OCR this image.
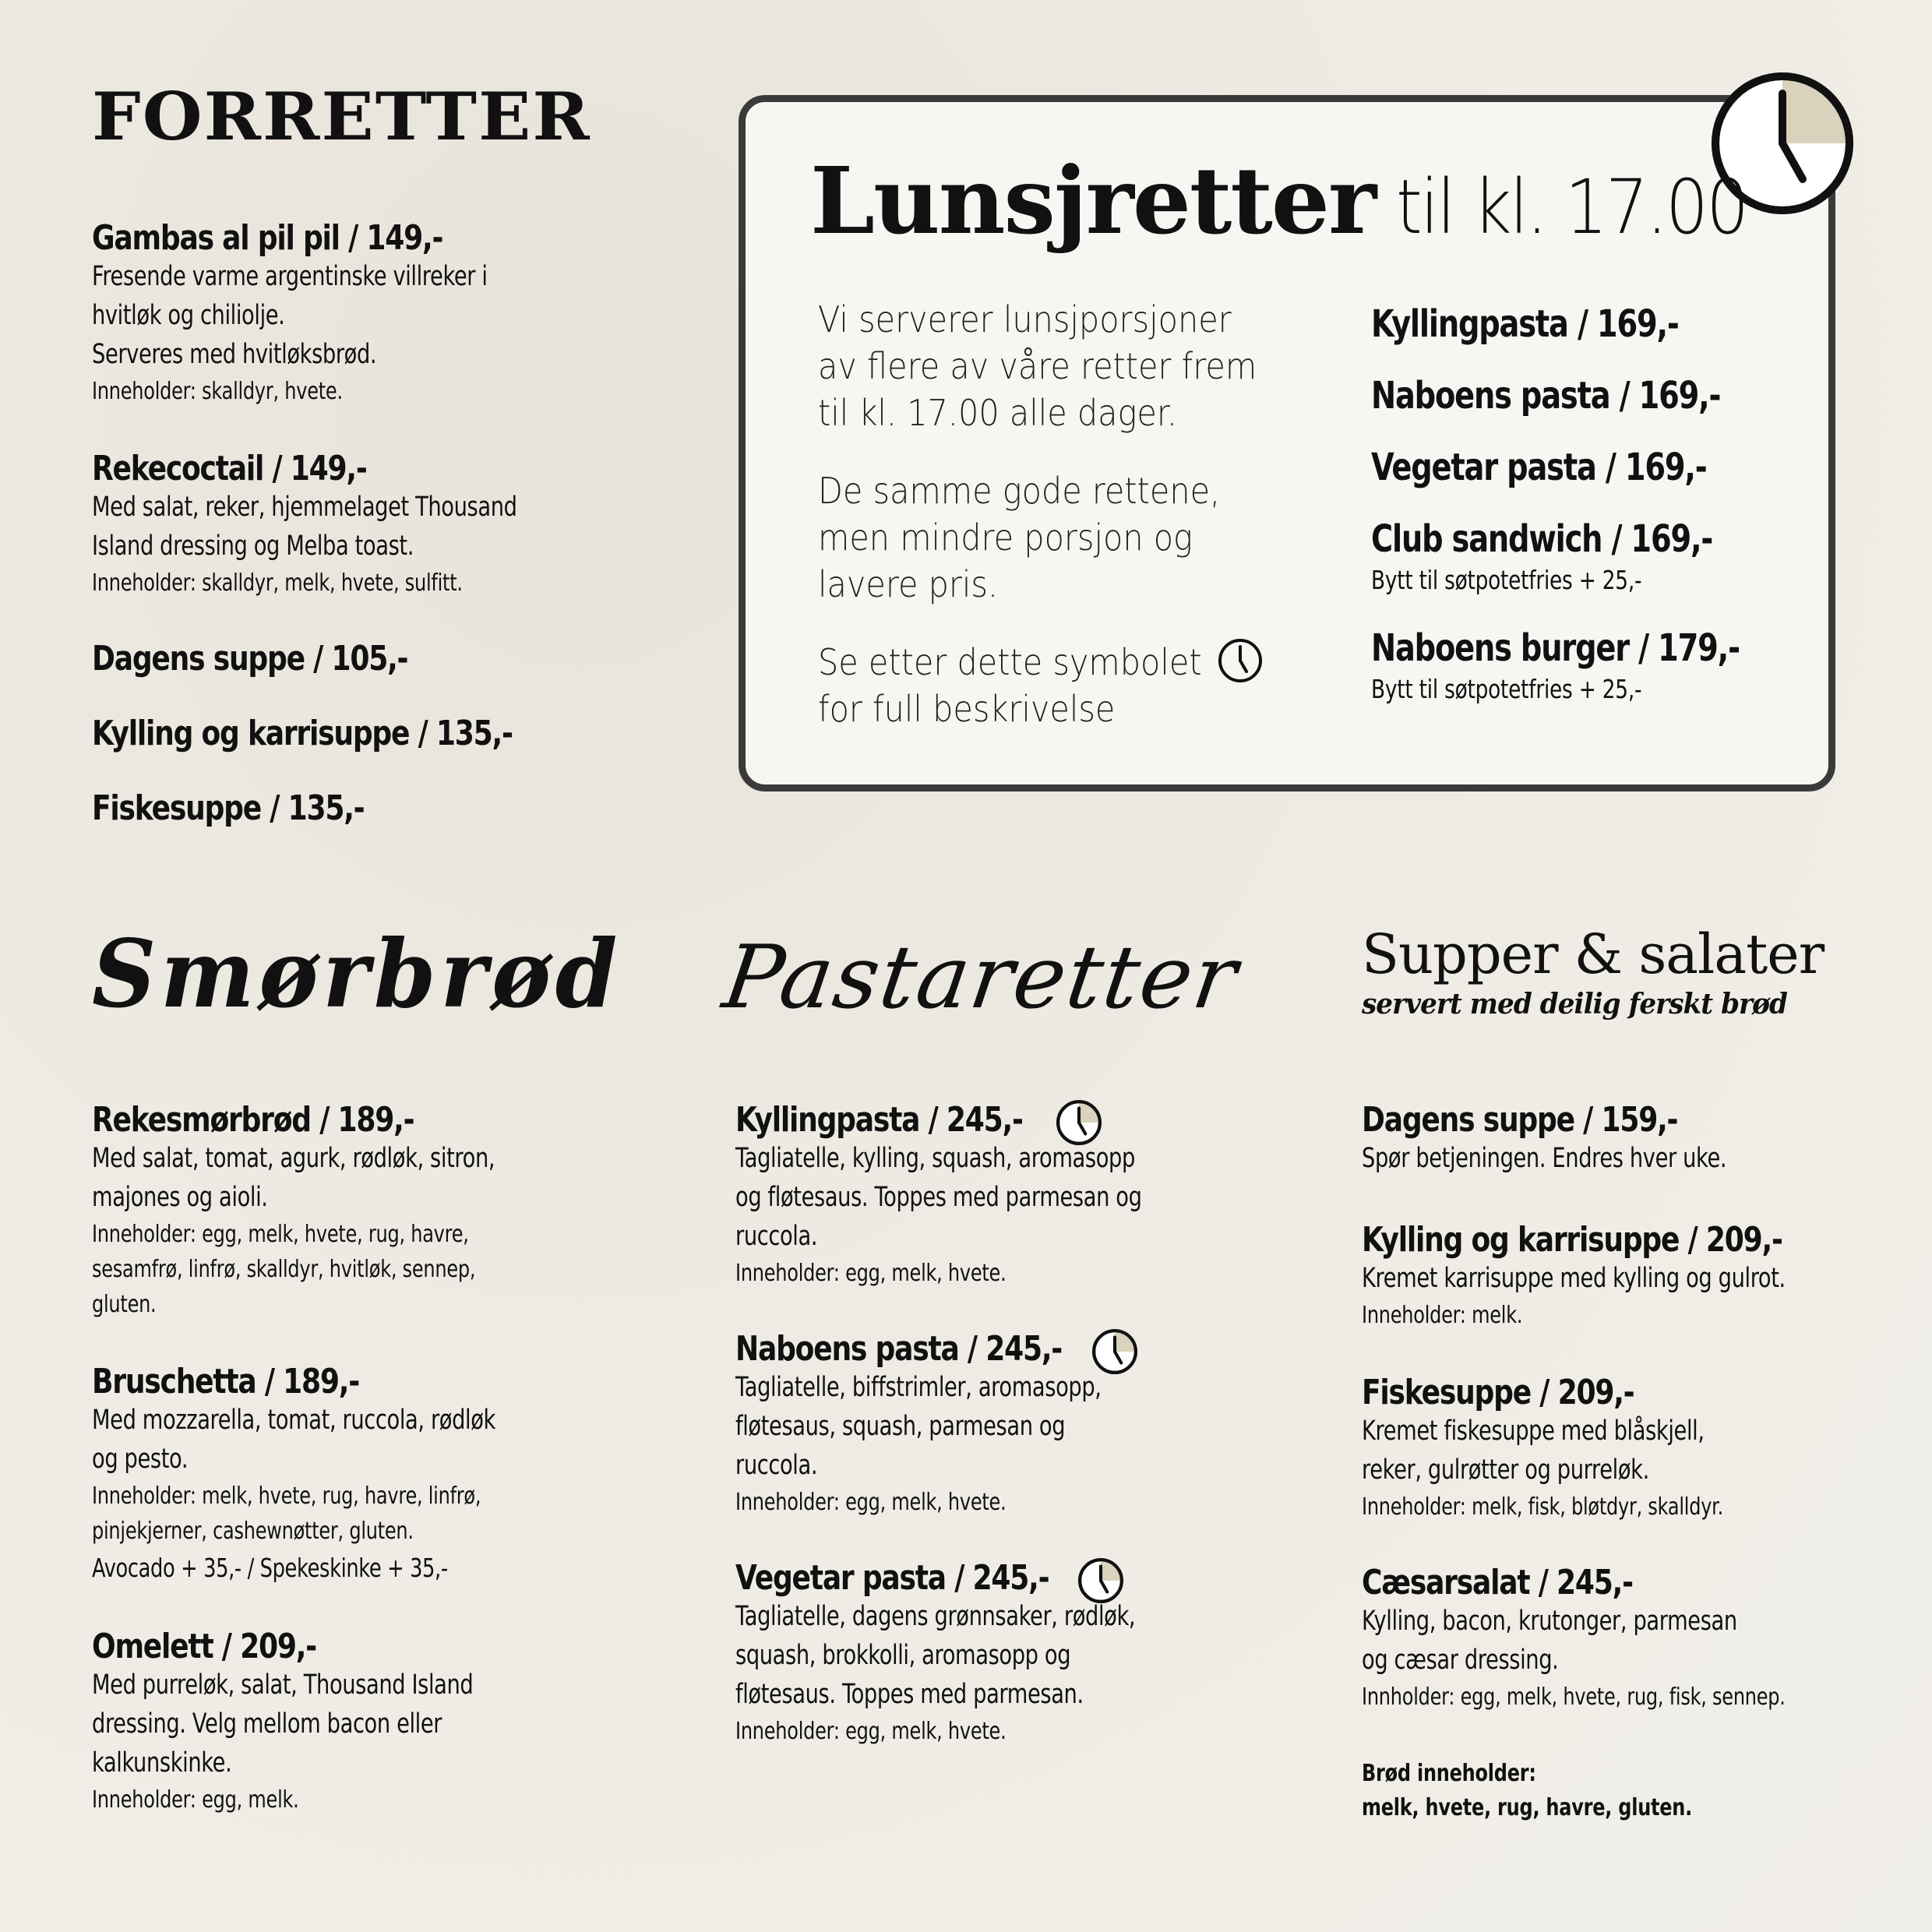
FORRETTER
Gambas al pil pil / 149,-
Fresende varme argentinske villreker i
hvitløk og chiliolje.
Serveres med hvitløksbrød.
Inneholder: skalldyr, hvete.
Rekecoctail / 149,-
Med salat, reker, hjemmelaget Thousand
Island dressing og Melba toast.
Inneholder: skalldyr, melk, hvete, sulfitt.
Dagens suppe / 105,-
Kylling og karrisuppe / 135,-
Fiskesuppe / 135,-
Lunsjretter til kl. 17.00
Vi serverer lunsjporsjoner
av flere av våre retter frem
til kl. 17.00 alle dager.
De samme gode rettene,
men mindre porsjon og
lavere pris.
Se etter dette symbolet
for full beskrivelse
Kyllingpasta / 169,-
Naboens pasta / 169,-
Vegetar pasta / 169,-
Club sandwich / 169,-
Bytt til søtpotetfries + 25,-
Naboens burger / 179,-
Bytt til søtpotetfries + 25,-
Smørbrød
Rekesmørbrød / 189,-
Med salat, tomat, agurk, rødløk, sitron,
majones og aioli.
Inneholder: egg, melk, hvete, rug, havre,
sesamfrø, linfrø, skalldyr, hvitløk, sennep,
gluten.
Bruschetta / 189,-
Med mozzarella, tomat, ruccola, rødløk
og pesto.
Inneholder: melk, hvete, rug, havre, linfrø,
pinjekjerner, cashewnøtter, gluten.
Avocado + 35,- / Spekeskinke + 35,-
Omelett / 209,-
Med purreløk, salat, Thousand Island
dressing. Velg mellom bacon eller
kalkunskinke.
Inneholder: egg, melk.
Pastaretter
Kyllingpasta / 245,-
Tagliatelle, kylling, squash, aromasopp
og fløtesaus. Toppes med parmesan og
ruccola.
Inneholder: egg, melk, hvete.
Naboens pasta / 245,-
Tagliatelle, biffstrimler, aromasopp,
fløtesaus, squash, parmesan og
ruccola.
Inneholder: egg, melk, hvete.
Vegetar pasta / 245,-
Tagliatelle, dagens grønnsaker, rødløk,
squash, brokkolli, aromasopp og
fløtesaus. Toppes med parmesan.
Inneholder: egg, melk, hvete.
Supper & salater
servert med deilig ferskt brød
Dagens suppe / 159,-
Spør betjeningen. Endres hver uke.
Kylling og karrisuppe / 209,-
Kremet karrisuppe med kylling og gulrot.
Inneholder: melk.
Fiskesuppe / 209,-
Kremet fiskesuppe med blåskjell,
reker, gulrøtter og purreløk.
Inneholder: melk, fisk, bløtdyr, skalldyr.
Cæsarsalat / 245,-
Kylling, bacon, krutonger, parmesan
og cæsar dressing.
Innholder: egg, melk, hvete, rug, fisk, sennep.
Brød inneholder:
melk, hvete, rug, havre, gluten.
